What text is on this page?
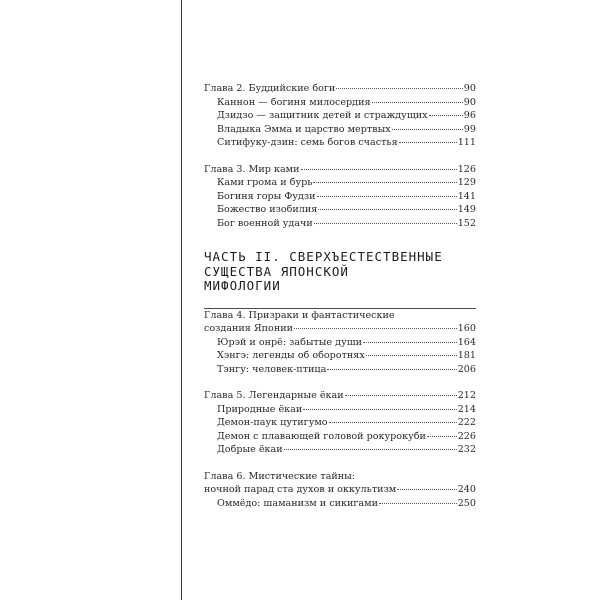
Глава 2. Буддийские боги	90
Каннон — богиня милосердия	90
Дзидзо — защитник детей и страждущих	96
Владыка Эмма и царство мертвых	99
Ситифуку-дзин: семь богов счастья	111
Глава 3. Мир ками	126
Ками грома и бурь	129
Богиня горы Фудзи	141
Божество изобилия	149
Бог военной удачи	152
ЧАСТЬ II. СВЕРХЪЕСТЕСТВЕННЫЕ
СУЩЕСТВА ЯПОНСКОЙ
МИФОЛОГИИ
Глава 4. Призраки и фантастические
создания Японии	160
Юрэй и онрё: забытые души	164
Хэнгэ: легенды об оборотнях	181
Тэнгу: человек-птица	206
Глава 5. Легендарные ёкаи	212
Природные ёкаи	214
Демон-паук цутигумо	222
Демон с плавающей головой рокурокуби	226
Добрые ёкаи	232
Глава 6. Мистические тайны:
ночной парад ста духов и оккультизм	240
Оммёдо: шаманизм и сикигами	250
